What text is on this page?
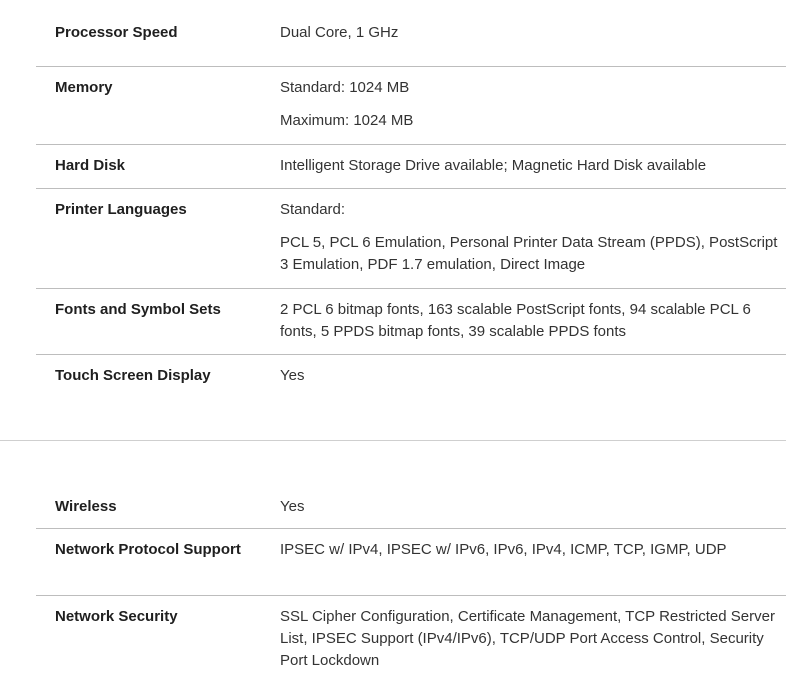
Processor Speed	Dual Core, 1 GHz

Memory	Standard: 1024 MB

Maximum: 1024 MB

Hard Disk	Intelligent Storage Drive available; Magnetic Hard Disk available

Printer Languages	Standard:

PCL 5, PCL 6 Emulation, Personal Printer Data Stream (PPDS), PostScript 3 Emulation, PDF 1.7 emulation, Direct Image

Fonts and Symbol Sets	2 PCL 6 bitmap fonts, 163 scalable PostScript fonts, 94 scalable PCL 6 fonts, 5 PPDS bitmap fonts, 39 scalable PPDS fonts

Touch Screen Display	Yes

Wireless	Yes

Network Protocol Support	IPSEC w/ IPv4, IPSEC w/ IPv6, IPv6, IPv4, ICMP, TCP, IGMP, UDP

Network Security	SSL Cipher Configuration, Certificate Management, TCP Restricted Server List, IPSEC Support (IPv4/IPv6), TCP/UDP Port Access Control, Security Port Lockdown
